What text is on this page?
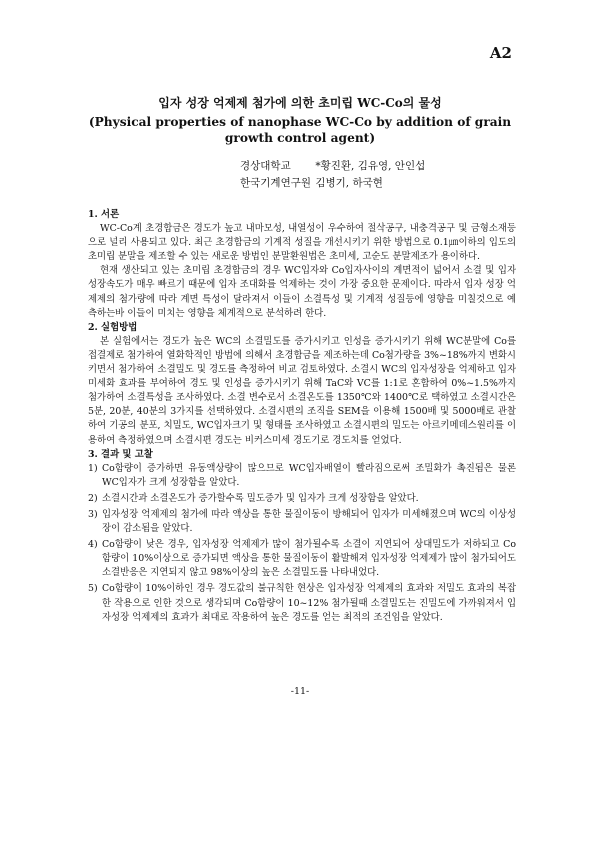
A2
입자 성장 억제제 첨가에 의한 초미립 WC-Co의 물성
(Physical properties of nanophase WC-Co by addition of grain growth control agent)
경상대학교 *황진환, 김유영, 안인섭
한국기계연구원 김병기, 하국현
1. 서론
WC-Co계 초경합금은 경도가 높고 내마모성, 내열성이 우수하여 절삭공구, 내충격공구 및 금형소재등으로 널리 사용되고 있다. 최근 초경합금의 기계적 성질을 개선시키기 위한 방법으로 0.1㎛이하의 입도의 초미립 분말을 제조할 수 있는 새로운 방법인 분말환원법은 초미세, 고순도 분말제조가 용이하다.
현재 생산되고 있는 초미립 초경합금의 경우 WC입자와 Co입자사이의 계면적이 넓어서 소결 및 입자성장속도가 매우 빠르기 때문에 입자 조대화를 억제하는 것이 가장 중요한 문제이다. 따라서 입자 성장 억제제의 첨가량에 따라 계면 특성이 달라져서 이들이 소결특성 및 기계적 성질등에 영향을 미칠것으로 예측하는바 이들이 미치는 영향을 체계적으로 분석하려 한다.
2. 실험방법
본 실험에서는 경도가 높은 WC의 소결밀도를 증가시키고 인성을 증가시키기 위해 WC분말에 Co를 접결제로 첨가하여 열화학적인 방법에 의해서 초경합금을 제조하는데 Co첨가량을 3%~18%까지 변화시키면서 첨가하여 소결밀도 및 경도를 측정하여 비교 검토하였다. 소결시 WC의 입자성장을 억제하고 입자미세화 효과를 부여하여 경도 및 인성을 증가시키기 위해 TaC와 VC를 1:1로 혼합하여 0%~1.5%까지 첨가하여 소결특성을 조사하였다. 소결 변수로서 소결온도를 1350℃와 1400℃로 택하였고 소결시간은 5분, 20분, 40분의 3가지를 선택하였다. 소결시편의 조직을 SEM을 이용해 1500배 및 5000배로 관찰하여 기공의 분포, 치밀도, WC입자크기 및 형태를 조사하였고 소결시편의 밀도는 아르키메데스원리를 이용하여 측정하였으며 소결시편 경도는 비커스미세 경도기로 경도치를 얻었다.
3. 결과 및 고찰
1) Co함량이 증가하면 유동액상량이 많으므로 WC입자배열이 빨라짐으로써 조밀화가 촉진됨은 물론 WC입자가 크게 성장함을 알았다.
2) 소결시간과 소결온도가 증가할수록 밀도증가 및 입자가 크게 성장함을 알았다.
3) 입자성장 억제제의 첨가에 따라 액상을 통한 물질이동이 방해되어 입자가 미세해졌으며 WC의 이상성장이 감소됨을 알았다.
4) Co함량이 낮은 경우, 입자성장 억제제가 많이 첨가될수록 소결이 지연되어 상대밀도가 저하되고 Co함량이 10%이상으로 증가되면 액상을 통한 물질이동이 활발해져 입자성장 억제제가 많이 첨가되어도 소결반응은 지연되지 않고 98%이상의 높은 소결밀도를 나타내었다.
5) Co함량이 10%이하인 경우 경도값의 불규칙한 현상은 입자성장 억제제의 효과와 저밀도 효과의 복잡한 작용으로 인한 것으로 생각되며 Co함량이 10~12% 첨가될때 소결밀도는 진밀도에 가까워져서 입자성장 억제제의 효과가 최대로 작용하여 높은 경도를 얻는 최적의 조건임을 알았다.
-11-
